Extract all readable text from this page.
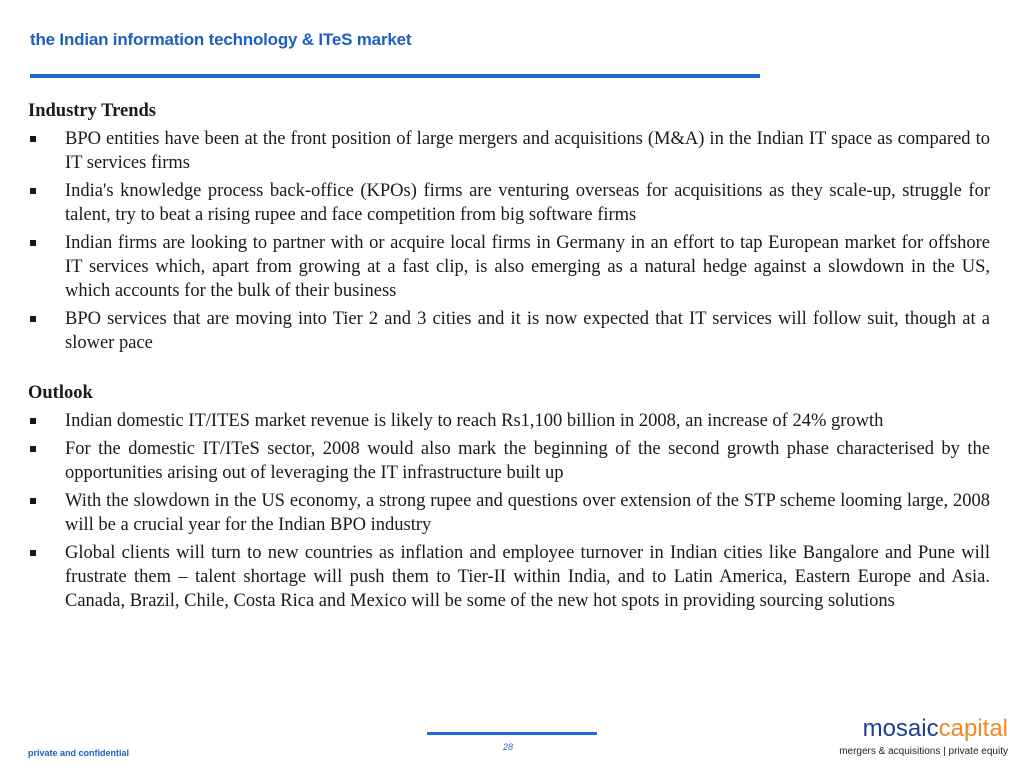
the Indian information technology & ITeS market
Industry Trends
BPO entities have been at the front position of large mergers and acquisitions (M&A) in the Indian IT space as compared to IT services firms
India's knowledge process back-office (KPOs) firms are venturing overseas for acquisitions as they scale-up, struggle for talent, try to beat a rising rupee and face competition from big software firms
Indian firms are looking to partner with or acquire local firms in Germany in an effort to tap European market for offshore IT services which, apart from growing at a fast clip, is also emerging as a natural hedge against a slowdown in the US, which accounts for the bulk of their business
BPO services that are moving into Tier 2 and 3 cities and it is now expected that IT services will follow suit, though at a slower pace
Outlook
Indian domestic IT/ITES market revenue is likely to reach Rs1,100 billion in 2008, an increase of 24% growth
For the domestic IT/ITeS sector, 2008 would also mark the beginning of the second growth phase characterised by the opportunities arising out of leveraging the IT infrastructure built up
With the slowdown in the US economy, a strong rupee and questions over extension of the STP scheme looming large, 2008 will be a crucial year for the Indian BPO industry
Global clients will turn to new countries as inflation and employee turnover in Indian cities like Bangalore and Pune will frustrate them – talent shortage will push them to Tier-II within India, and to Latin America, Eastern Europe and Asia. Canada, Brazil, Chile, Costa Rica and Mexico will be some of the new hot spots in providing sourcing solutions
28
private and confidential
mosaiccapital
mergers & acquisitions | private equity
